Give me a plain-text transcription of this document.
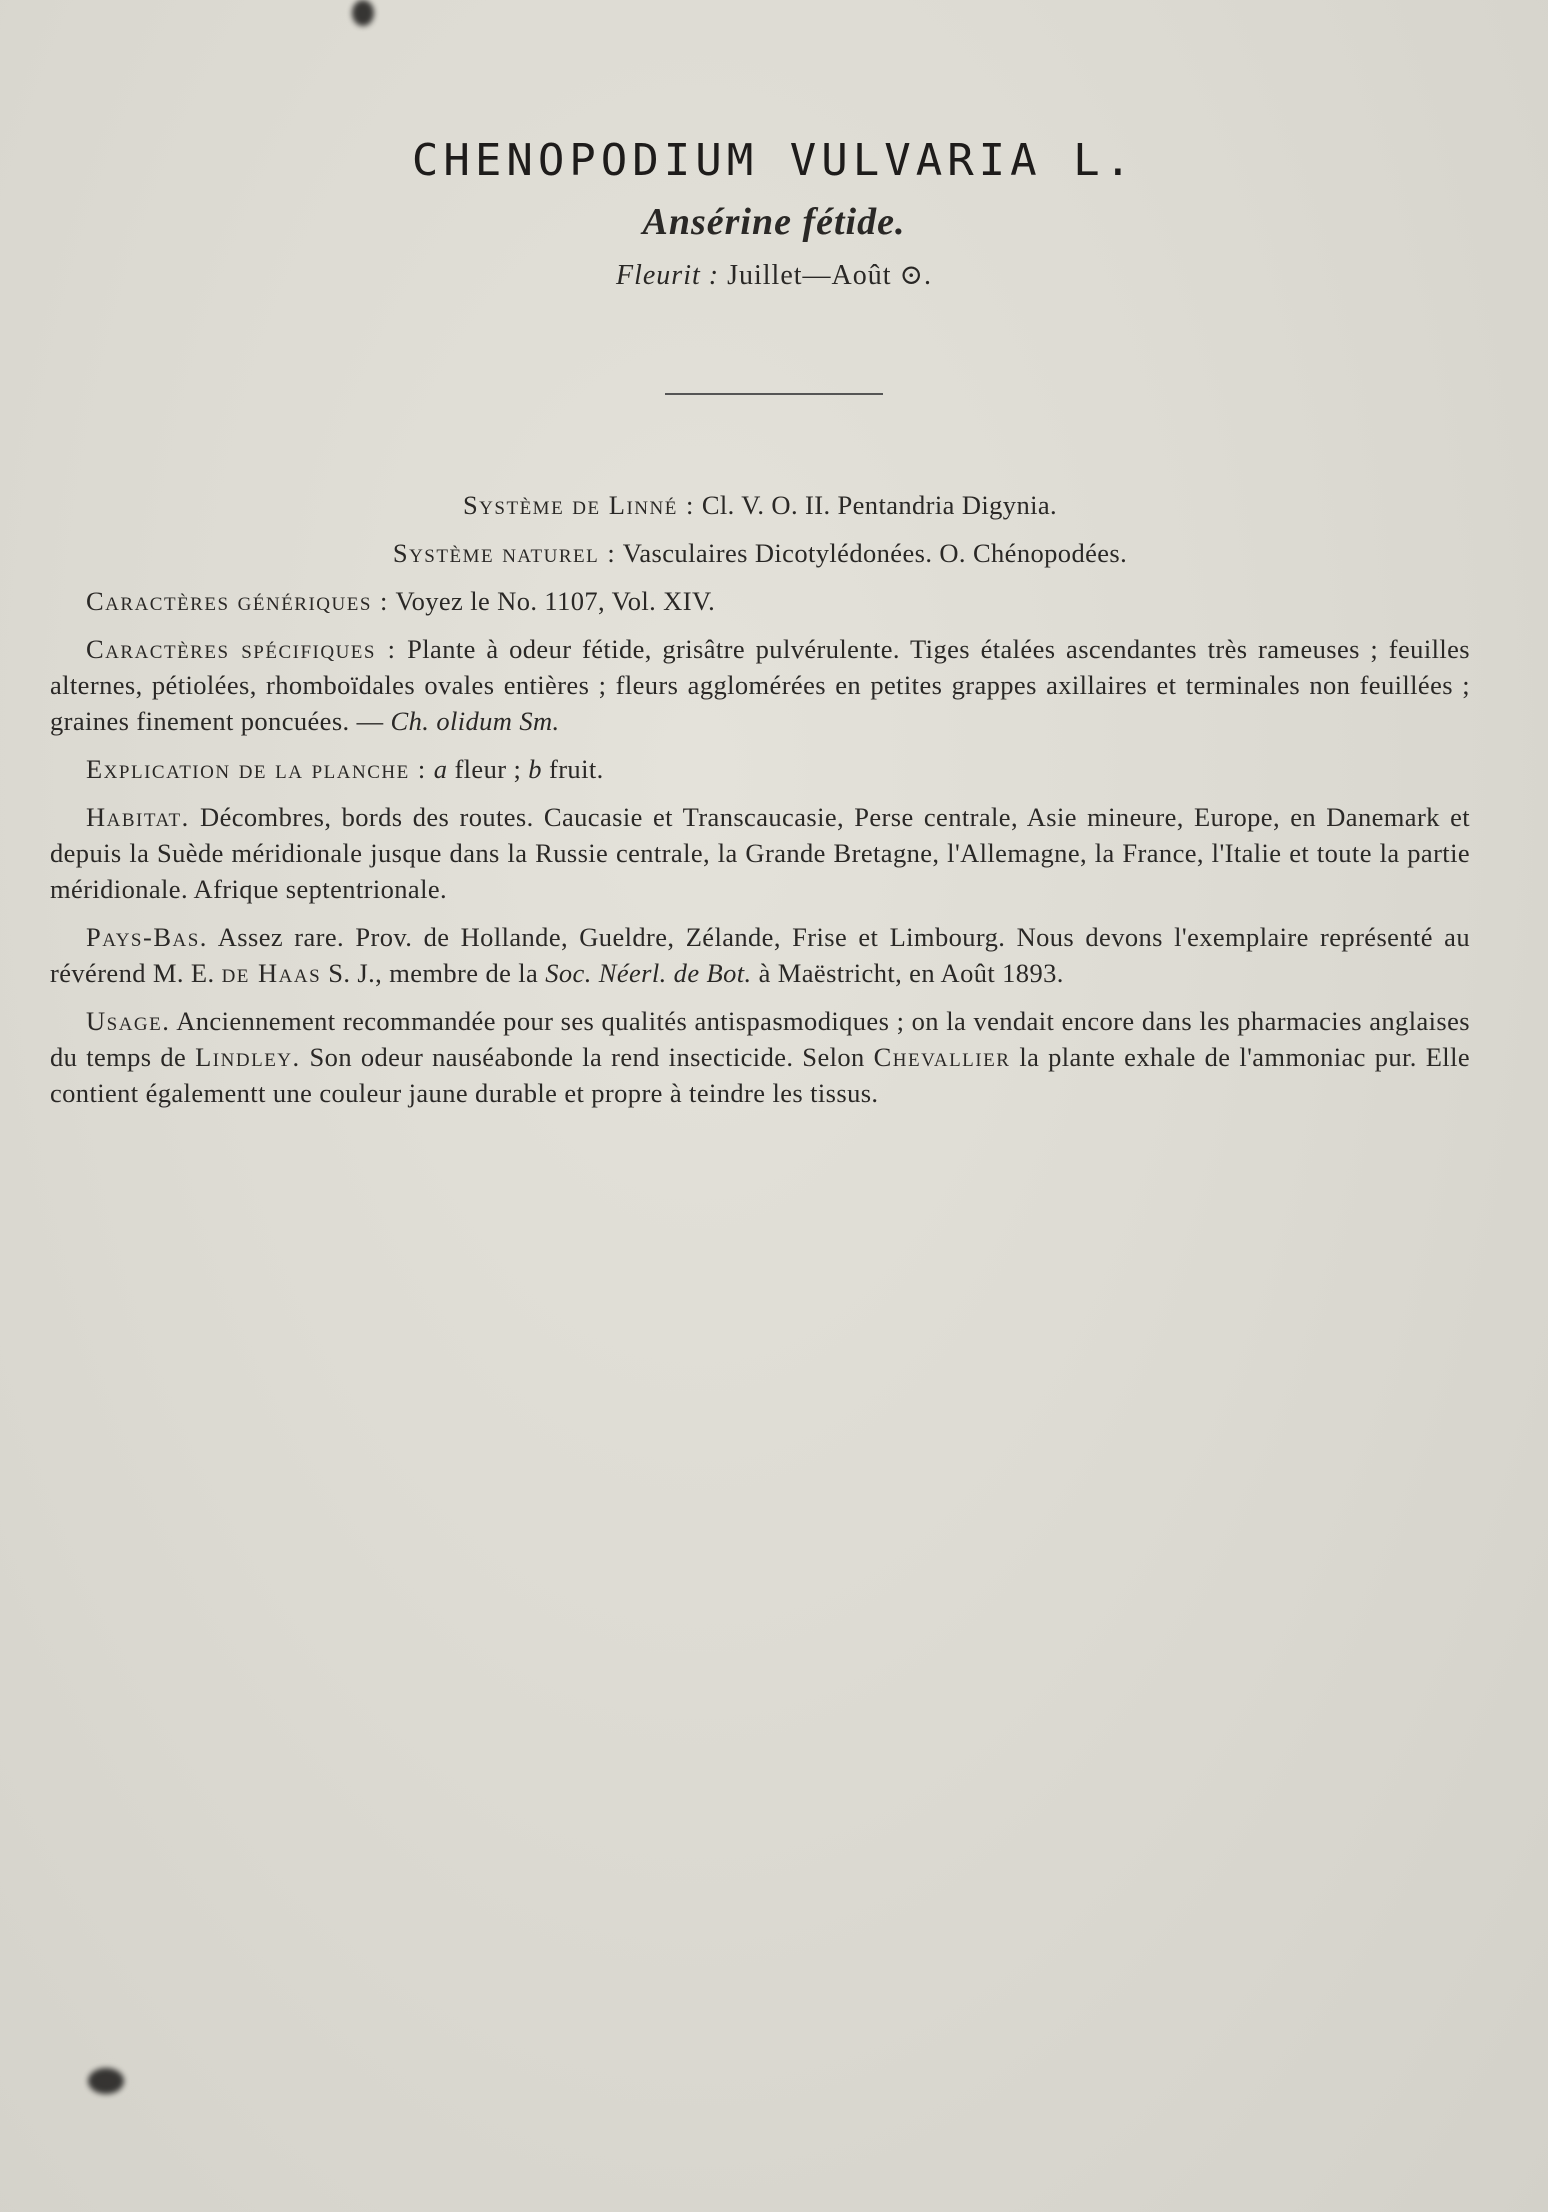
CHENOPODIUM VULVARIA L.
Ansérine fétide.
Fleurit : Juillet—Août ⊙.
Système de Linné : Cl. V. O. II. Pentandria Digynia.
Système naturel : Vasculaires Dicotylédonées. O. Chénopodées.
Caractères génériques : Voyez le No. 1107, Vol. XIV.
Caractères spécifiques : Plante à odeur fétide, grisâtre pulvérulente. Tiges étalées ascendantes très rameuses ; feuilles alternes, pétiolées, rhomboïdales ovales entières ; fleurs agglomérées en petites grappes axillaires et terminales non feuillées ; graines finement poncuées. — Ch. olidum Sm.
Explication de la planche : a fleur ; b fruit.
Habitat. Décombres, bords des routes. Caucasie et Transcaucasie, Perse centrale, Asie mineure, Europe, en Danemark et depuis la Suède méridionale jusque dans la Russie centrale, la Grande Bretagne, l'Allemagne, la France, l'Italie et toute la partie méridionale. Afrique septentrionale.
Pays-Bas. Assez rare. Prov. de Hollande, Gueldre, Zélande, Frise et Limbourg. Nous devons l'exemplaire représenté au révérend M. E. de Haas S. J., membre de la Soc. Néerl. de Bot. à Maëstricht, en Août 1893.
Usage. Anciennement recommandée pour ses qualités antispasmodiques ; on la vendait encore dans les pharmacies anglaises du temps de Lindley. Son odeur nauséabonde la rend insecticide. Selon Chevallier la plante exhale de l'ammoniac pur. Elle contient égalementt une couleur jaune durable et propre à teindre les tissus.
